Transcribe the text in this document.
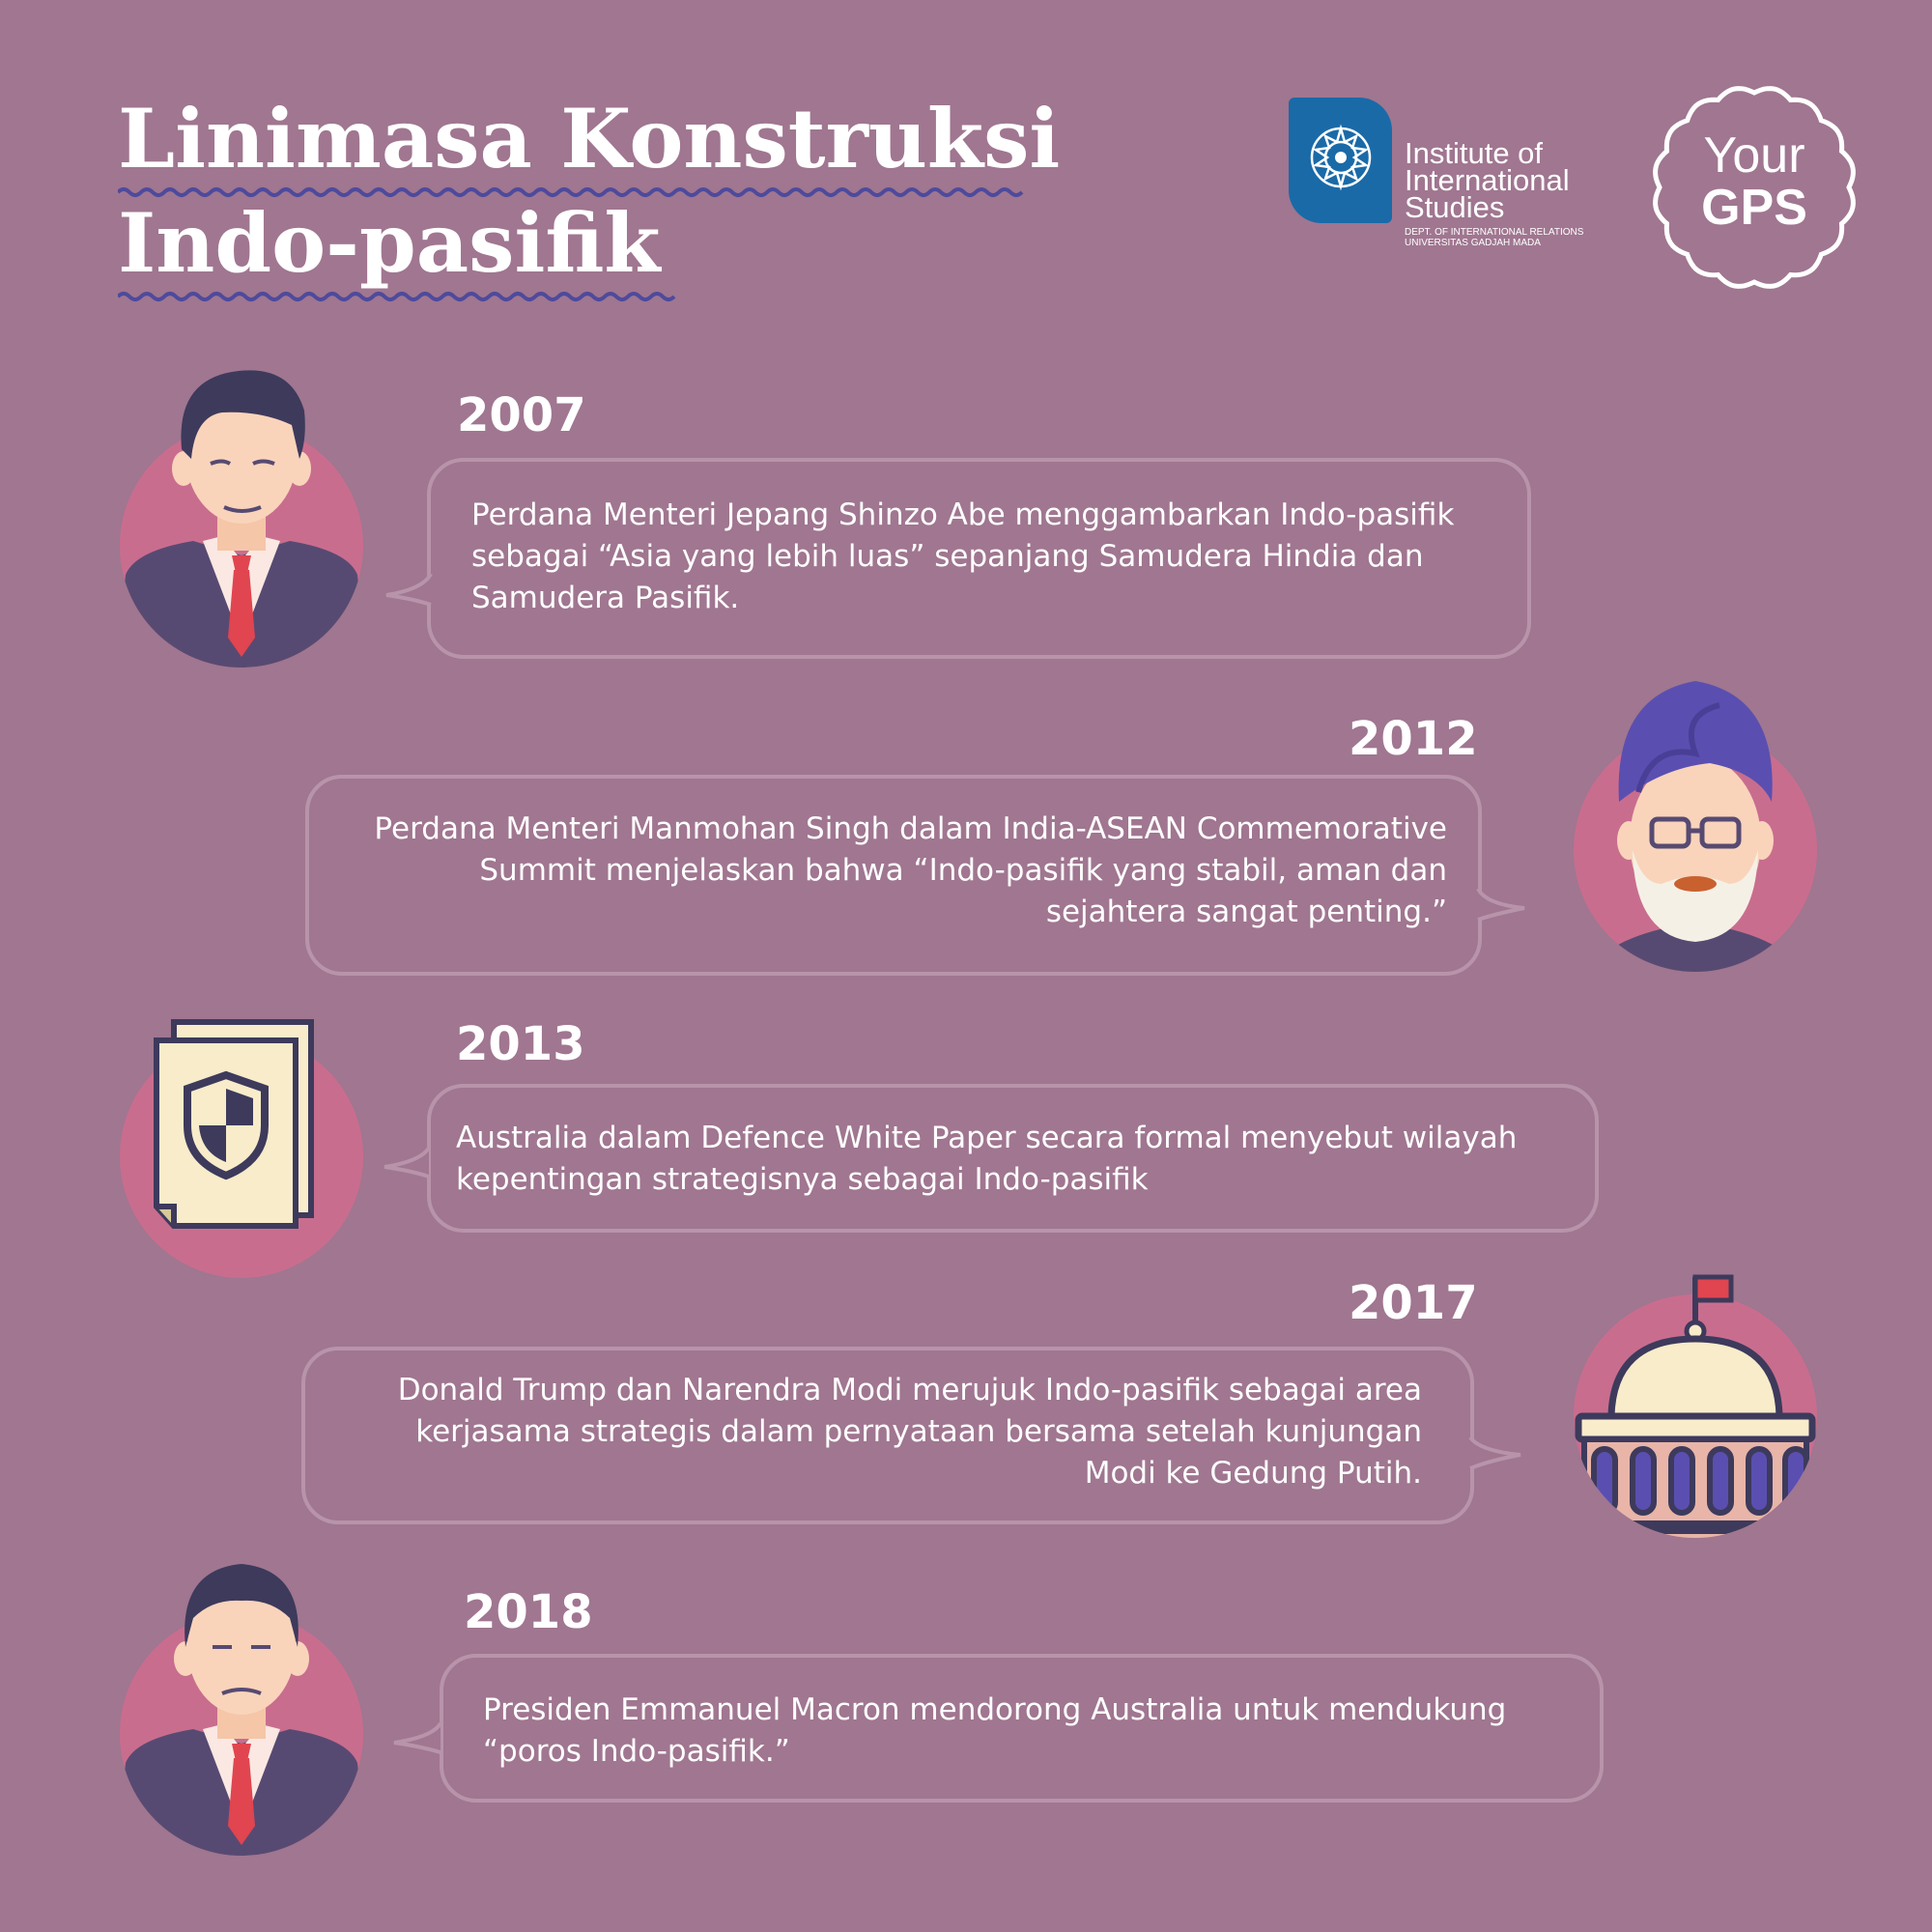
Linimasa Konstruksi
Indo-pasifik
Institute of
International
Studies
DEPT. OF INTERNATIONAL RELATIONS
UNIVERSITAS GADJAH MADA
Your
GPS
2007
Perdana Menteri Jepang Shinzo Abe menggambarkan Indo-pasifik sebagai “Asia yang lebih luas” sepanjang Samudera Hindia dan Samudera Pasifik.
2012
Perdana Menteri Manmohan Singh dalam India-ASEAN Commemorative Summit menjelaskan bahwa “Indo-pasifik yang stabil, aman dan sejahtera sangat penting.”
2013
Australia dalam Defence White Paper secara formal menyebut wilayah kepentingan strategisnya sebagai Indo-pasifik
2017
Donald Trump dan Narendra Modi merujuk Indo-pasifik sebagai area kerjasama strategis dalam pernyataan bersama setelah kunjungan Modi ke Gedung Putih.
2018
Presiden Emmanuel Macron mendorong Australia untuk mendukung “poros Indo-pasifik.”
